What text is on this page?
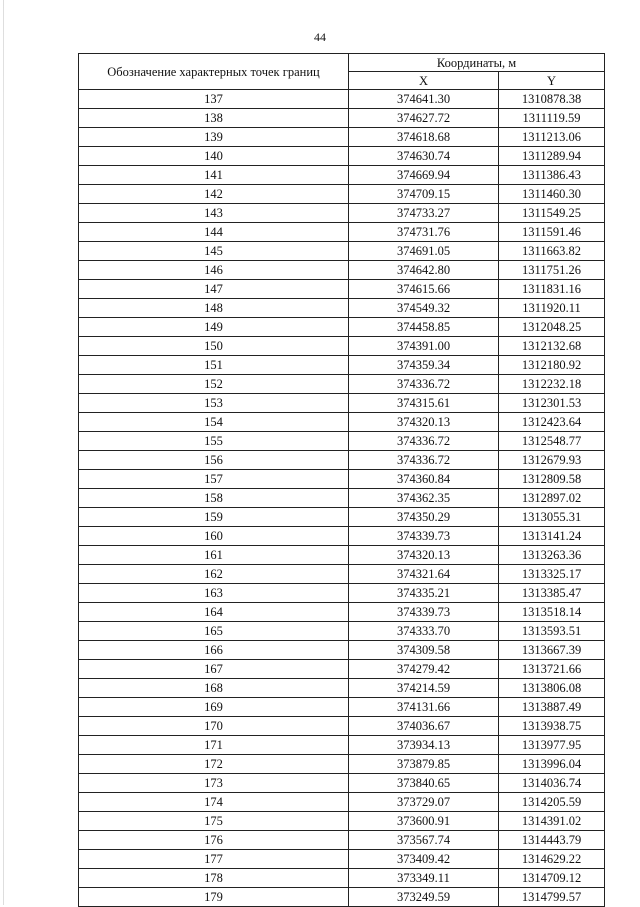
44
Обозначение характерных точек границ	Координаты, м	
	X	Y
137	374641.30	1310878.38
138	374627.72	1311119.59
139	374618.68	1311213.06
140	374630.74	1311289.94
141	374669.94	1311386.43
142	374709.15	1311460.30
143	374733.27	1311549.25
144	374731.76	1311591.46
145	374691.05	1311663.82
146	374642.80	1311751.26
147	374615.66	1311831.16
148	374549.32	1311920.11
149	374458.85	1312048.25
150	374391.00	1312132.68
151	374359.34	1312180.92
152	374336.72	1312232.18
153	374315.61	1312301.53
154	374320.13	1312423.64
155	374336.72	1312548.77
156	374336.72	1312679.93
157	374360.84	1312809.58
158	374362.35	1312897.02
159	374350.29	1313055.31
160	374339.73	1313141.24
161	374320.13	1313263.36
162	374321.64	1313325.17
163	374335.21	1313385.47
164	374339.73	1313518.14
165	374333.70	1313593.51
166	374309.58	1313667.39
167	374279.42	1313721.66
168	374214.59	1313806.08
169	374131.66	1313887.49
170	374036.67	1313938.75
171	373934.13	1313977.95
172	373879.85	1313996.04
173	373840.65	1314036.74
174	373729.07	1314205.59
175	373600.91	1314391.02
176	373567.74	1314443.79
177	373409.42	1314629.22
178	373349.11	1314709.12
179	373249.59	1314799.57
